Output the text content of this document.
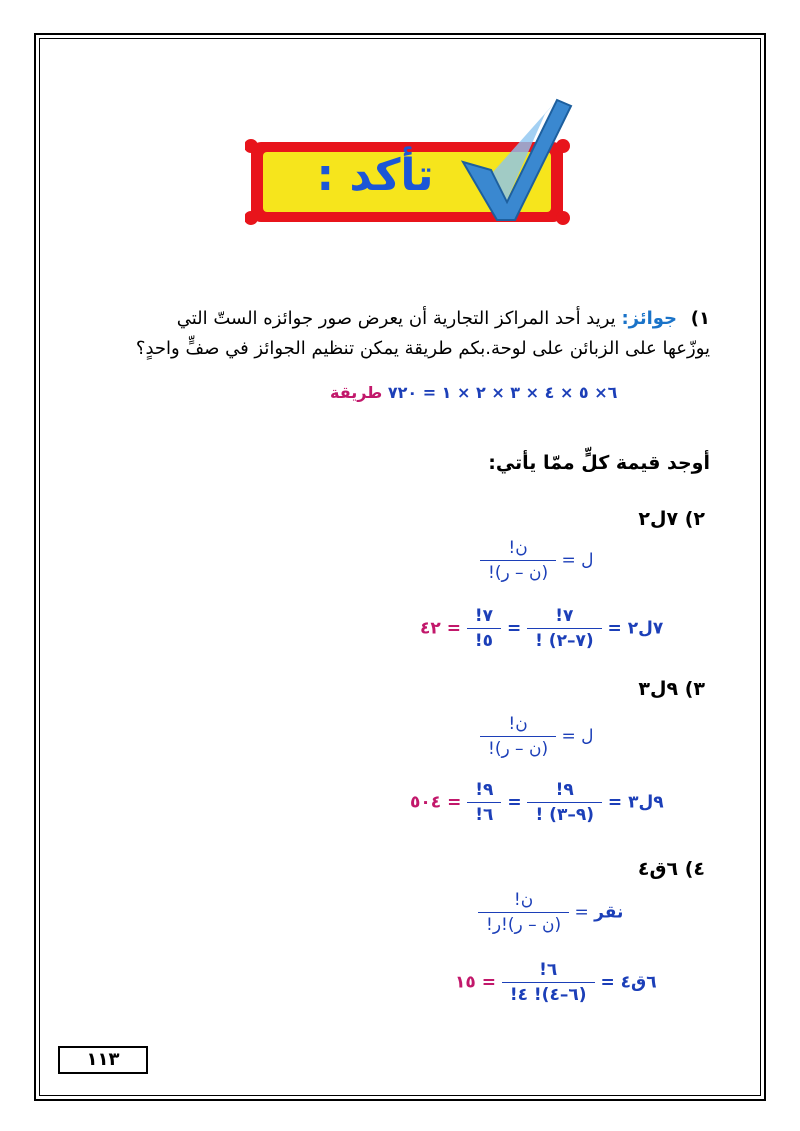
تأكد :
١) جوائز: يريد أحد المراكز التجارية أن يعرض صور جوائزه الستّ التي
يوزّعها على الزبائن على لوحة.بكم طريقة يمكن تنظيم الجوائز في صفٍّ واحدٍ؟
٦× ٥ × ٤ × ٣ × ٢ × ١ = ٧٢٠ طريقة
أوجد قيمة كلٍّ ممّا يأتي:
٢) ٧ل٢
ل =
$\frac{\text{ن!}}{\text{(ن – ر)!}}$
٧ل٢ =
$\frac{٧!}{(٧-٢) !}$
=
$\frac{٧!}{٥!}$
= ٤٢
٣) ٩ل٣
ل =
$\frac{\text{ن!}}{\text{(ن – ر)!}}$
٩ل٣ =
$\frac{٩!}{(٩-٣) !}$
=
$\frac{٩!}{٦!}$
= ٥٠٤
٤) ٦ق٤
نقر =
$\frac{\text{ن!}}{\text{(ن – ر)!ر!}}$
٦ق٤ =
$\frac{٦!}{(٦-٤)! ٤!}$
= ١٥
١١٣
